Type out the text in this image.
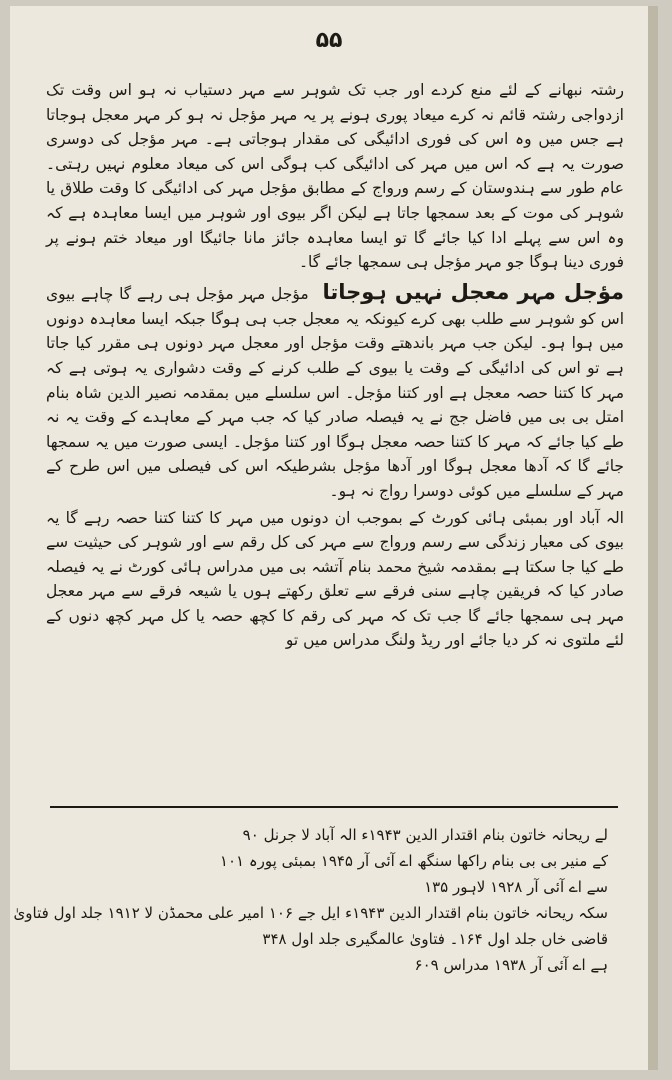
۵۵

رشتہ نبھانے کے لئے منع کردے اور جب تک شوہر سے مہر دستیاب نہ ہو اس وقت تک ازدواجی رشتہ قائم نہ کرے میعاد پوری ہونے پر یہ مہر مؤجل نہ ہو کر مہر معجل ہوجاتا ہے جس میں وہ اس کی فوری ادائیگی کی مقدار ہوجاتی ہے۔ مہر مؤجل کی دوسری صورت یہ ہے کہ اس میں مہر کی ادائیگی کب ہوگی اس کی میعاد معلوم نہیں رہتی۔ عام طور سے ہندوستان کے رسم ورواج کے مطابق مؤجل مہر کی ادائیگی کا وقت طلاق یا شوہر کی موت کے بعد سمجھا جاتا ہے لیکن اگر بیوی اور شوہر میں ایسا معاہدہ ہے کہ وہ اس سے پہلے ادا کیا جائے گا تو ایسا معاہدہ جائز مانا جائیگا اور میعاد ختم ہونے پر فوری دینا ہوگا جو مہر مؤجل ہی سمجھا جائے گا۔

مؤجل مہر معجل نہیں ہوجاتا مؤجل مہر مؤجل ہی رہے گا چاہے بیوی اس کو شوہر سے طلب بھی کرے کیونکہ یہ معجل جب ہی ہوگا جبکہ ایسا معاہدہ دونوں میں ہوا ہو۔ لیکن جب مہر باندھتے وقت مؤجل اور معجل مہر دونوں ہی مقرر کیا جاتا ہے تو اس کی ادائیگی کے وقت یا بیوی کے طلب کرنے کے وقت دشواری یہ ہوتی ہے کہ مہر کا کتنا حصہ معجل ہے اور کتنا مؤجل۔ اس سلسلے میں بمقدمہ نصیر الدین شاہ بنام امتل بی بی میں فاضل جج نے یہ فیصلہ صادر کیا کہ جب مہر کے معاہدے کے وقت یہ نہ طے کیا جائے کہ مہر کا کتنا حصہ معجل ہوگا اور کتنا مؤجل۔ ایسی صورت میں یہ سمجھا جائے گا کہ آدھا معجل ہوگا اور آدھا مؤجل بشرطیکہ اس کی فیصلی میں اس طرح کے مہر کے سلسلے میں کوئی دوسرا رواج نہ ہو۔

الہ آباد اور بمبئی ہائی کورٹ کے بموجب ان دونوں میں مہر کا کتنا کتنا حصہ رہے گا یہ بیوی کی معیار زندگی سے رسم ورواج سے مہر کی کل رقم سے اور شوہر کی حیثیت سے طے کیا جا سکتا ہے بمقدمہ شیخ محمد بنام آتشہ بی میں مدراس ہائی کورٹ نے یہ فیصلہ صادر کیا کہ فریقین چاہے سنی فرقے سے تعلق رکھتے ہوں یا شیعہ فرقے سے مہر معجل مہر ہی سمجھا جائے گا جب تک کہ مہر کی رقم کا کچھ حصہ یا کل مہر کچھ دنوں کے لئے ملتوی نہ کر دیا جائے اور ریڈ ولنگ مدراس میں تو

لے ریحانہ خاتون بنام اقتدار الدین ۱۹۴۳ء الہ آباد لا جرنل ۹۰
کے منیر بی بی بنام راکھا سنگھ اے آئی آر ۱۹۴۵ بمبئی پورہ ۱۰۱
سے اے آئی آر ۱۹۲۸ لاہور ۱۳۵
سکہ ریحانہ خاتون بنام اقتدار الدین ۱۹۴۳ء ایل جے ۱۰۶ امیر علی محمڈن لا ۱۹۱۲ جلد اول فتاویٰ
قاضی خاں جلد اول ۱۶۴۔ فتاویٰ عالمگیری جلد اول ۳۴۸
ہے اے آئی آر ۱۹۳۸ مدراس ۶۰۹
